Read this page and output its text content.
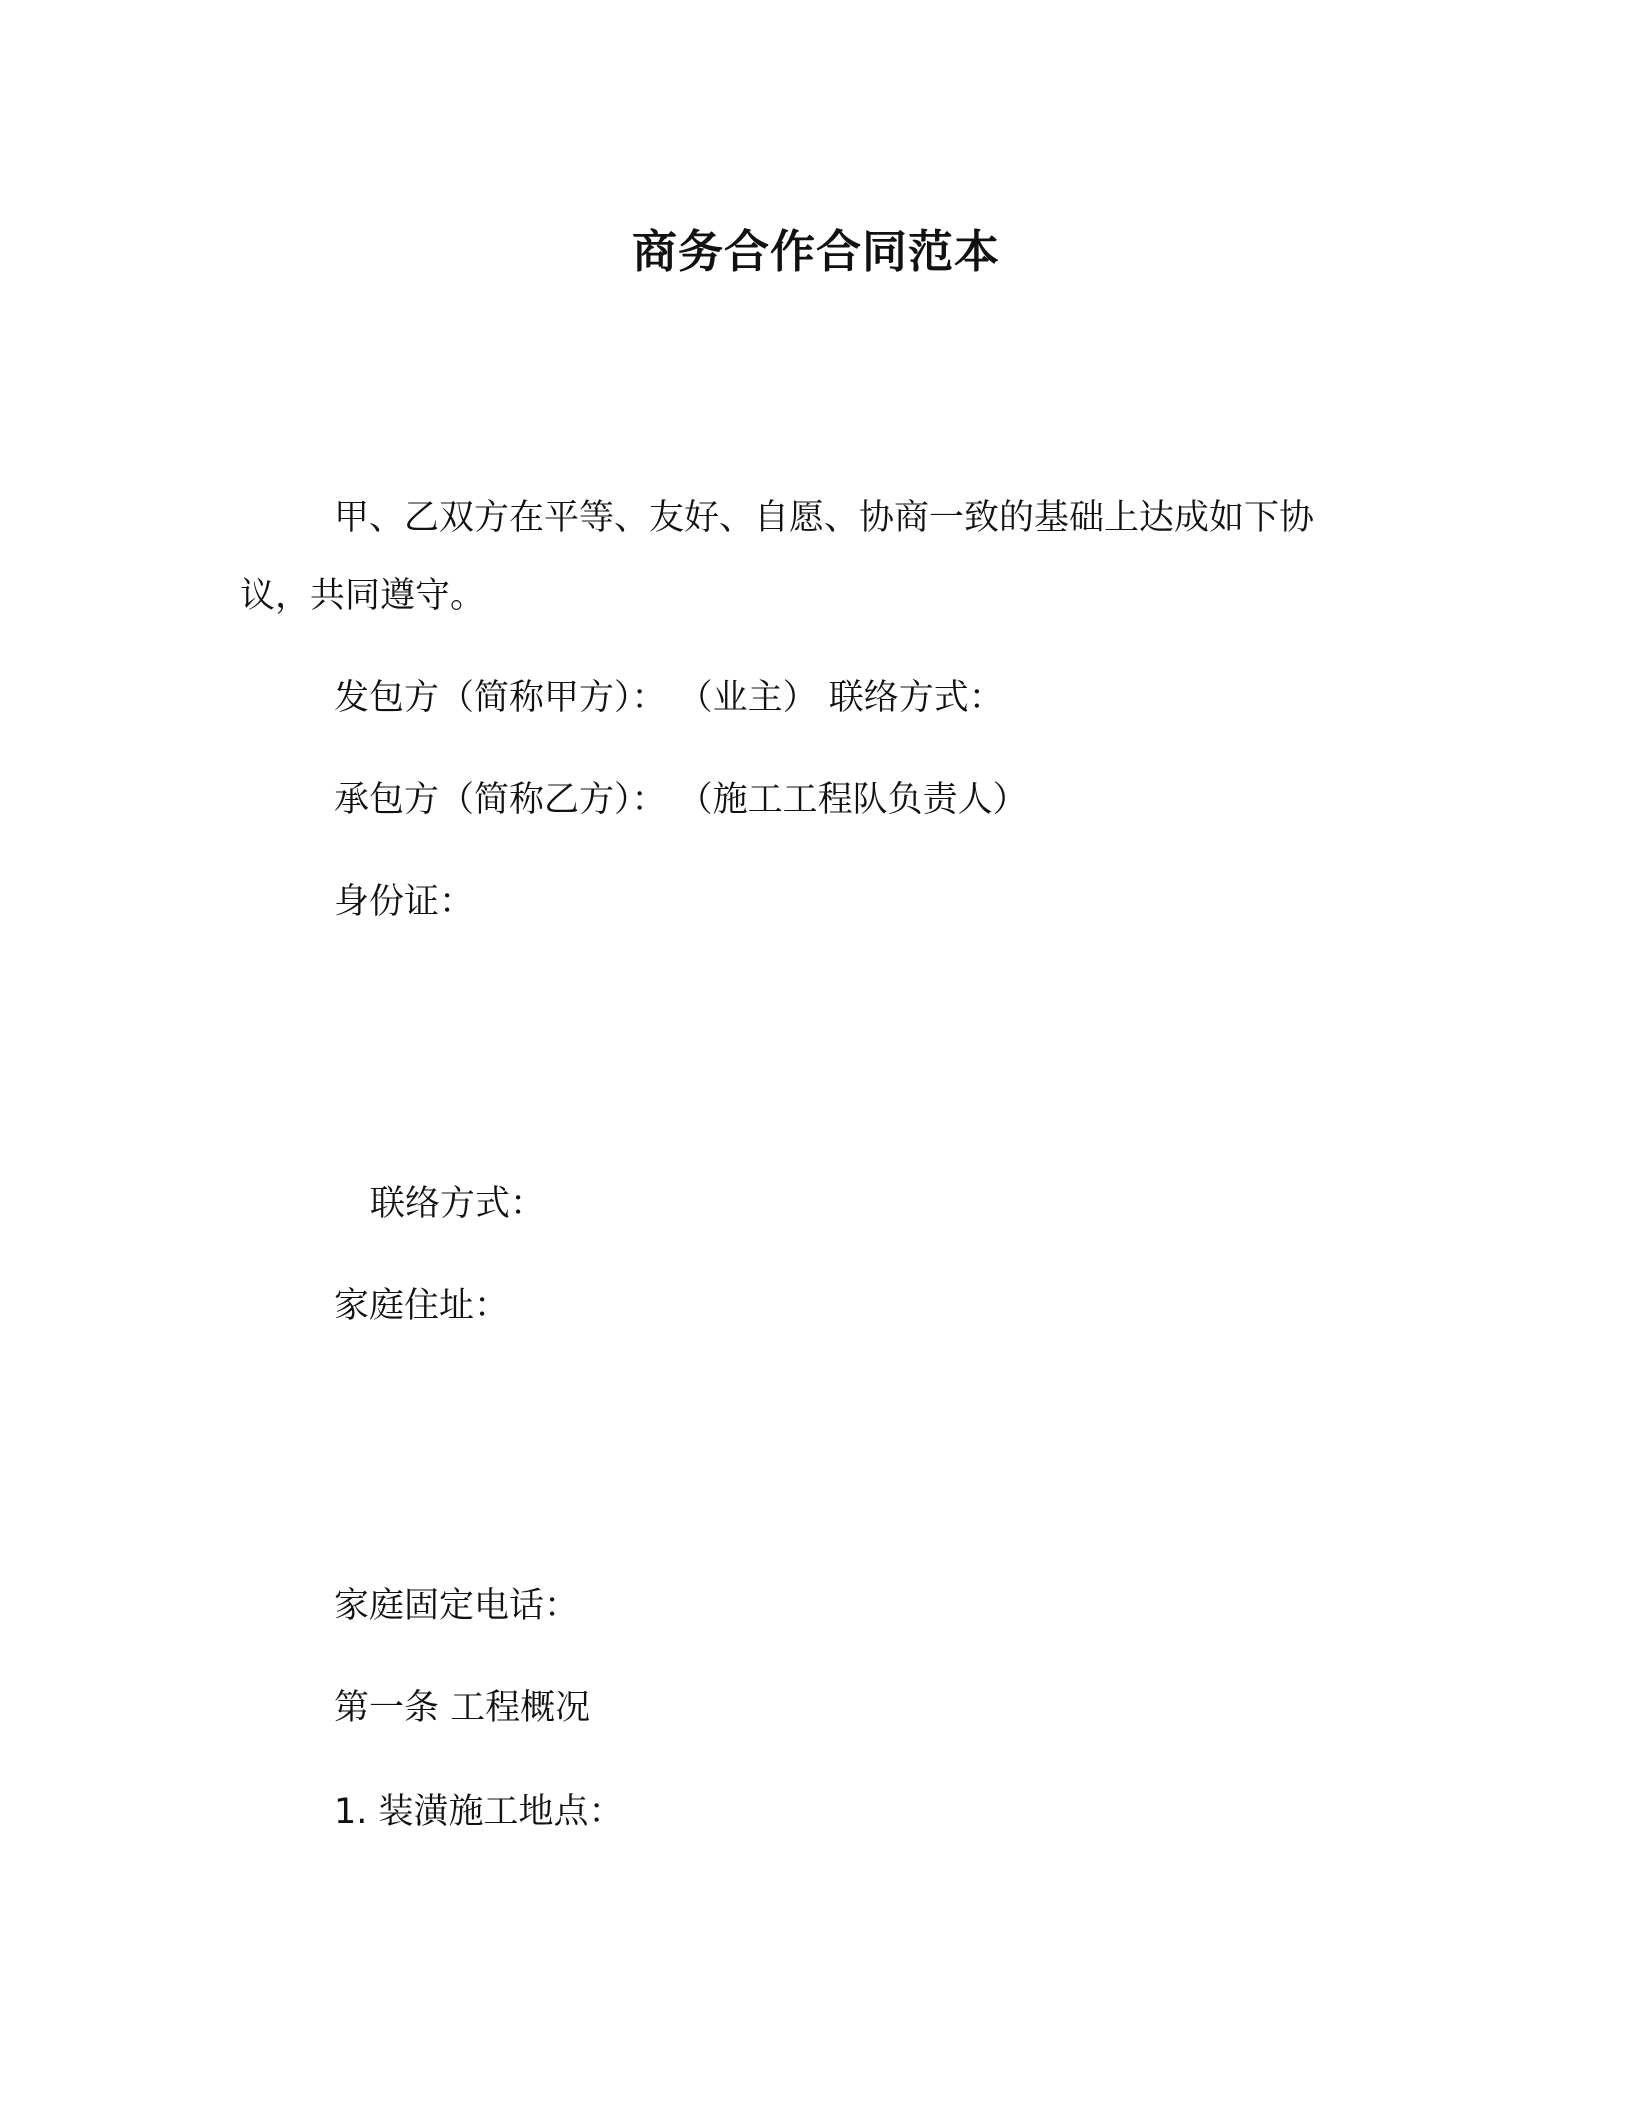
商务合作合同范本
甲、乙双方在平等、友好、自愿、协商一致的基础上达成如下协
议，共同遵守。
发包方（简称甲方）： （业主） 联络方式：
承包方（简称乙方）： （施工工程队负责人）
身份证：
联络方式：
家庭住址：
家庭固定电话：
第一条 工程概况
1. 装潢施工地点：
